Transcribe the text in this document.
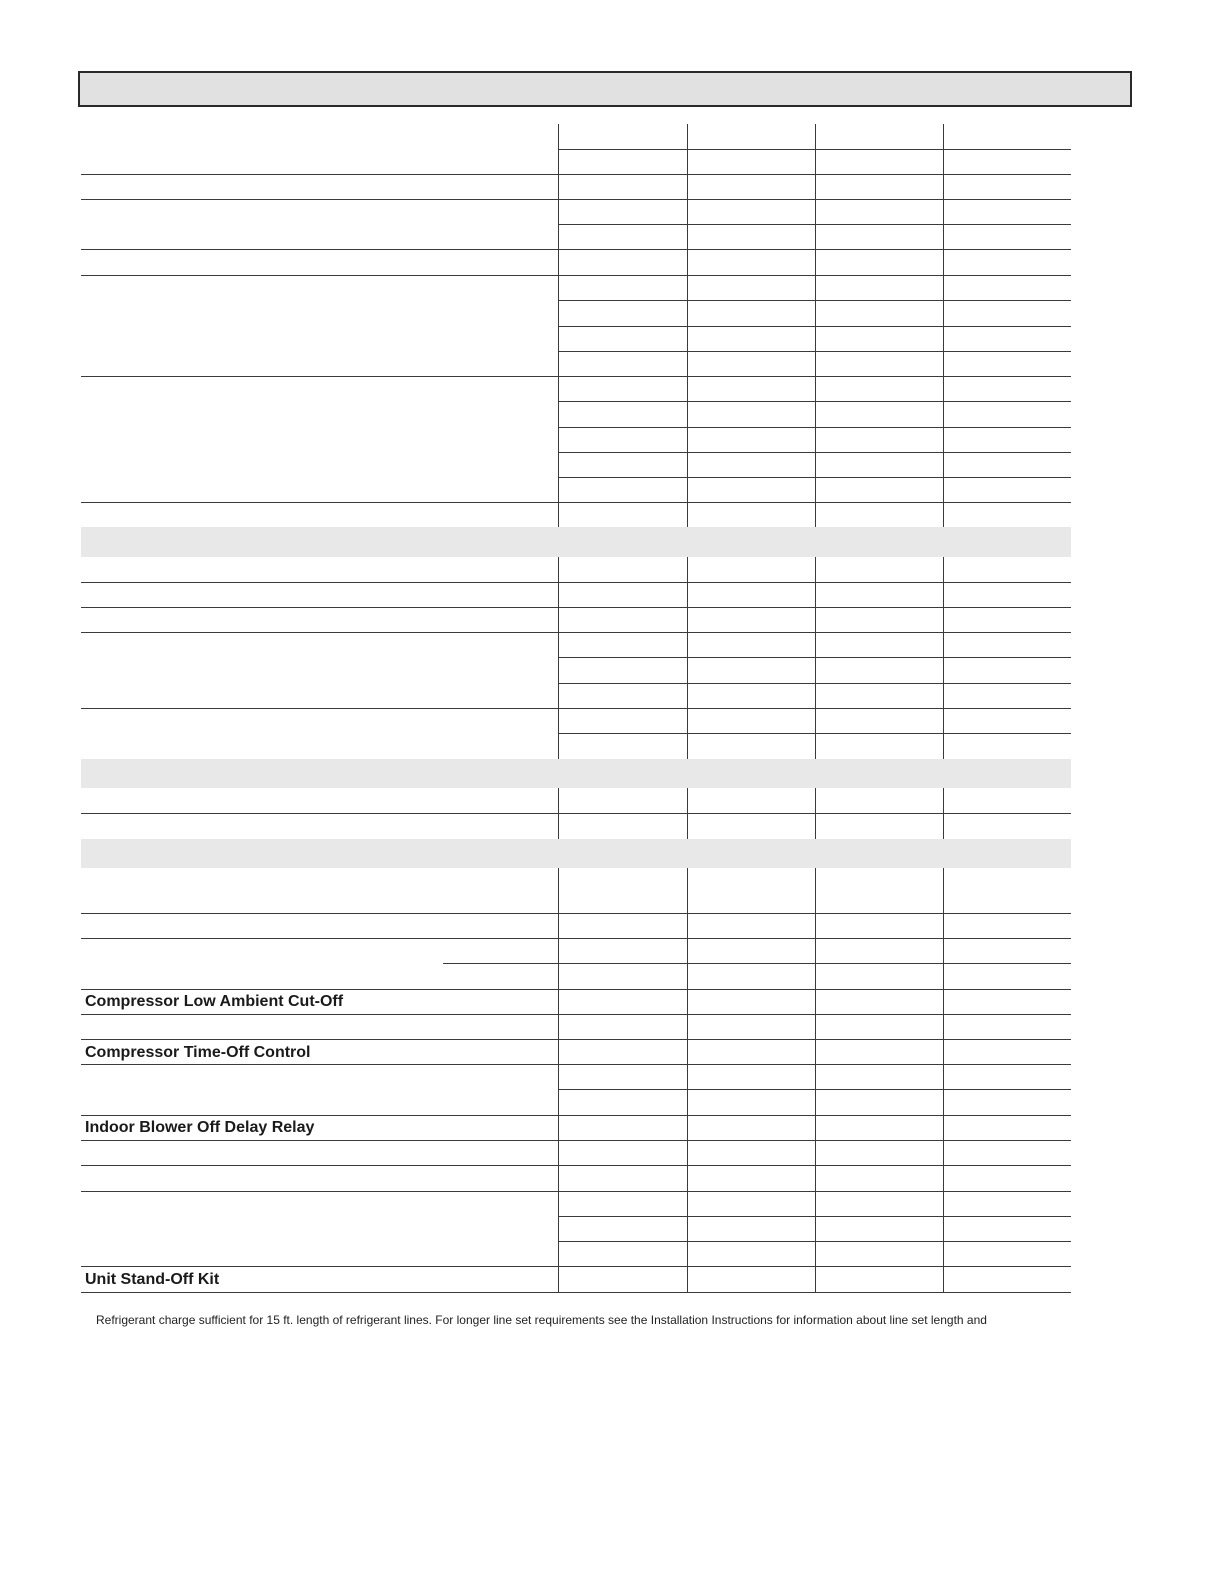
Compressor Low Ambient Cut-Off
Compressor Time-Off Control
Indoor Blower Off Delay Relay
Unit Stand-Off Kit
Refrigerant charge sufficient for 15 ft. length of refrigerant lines. For longer line set requirements see the Installation Instructions for information about line set length and
